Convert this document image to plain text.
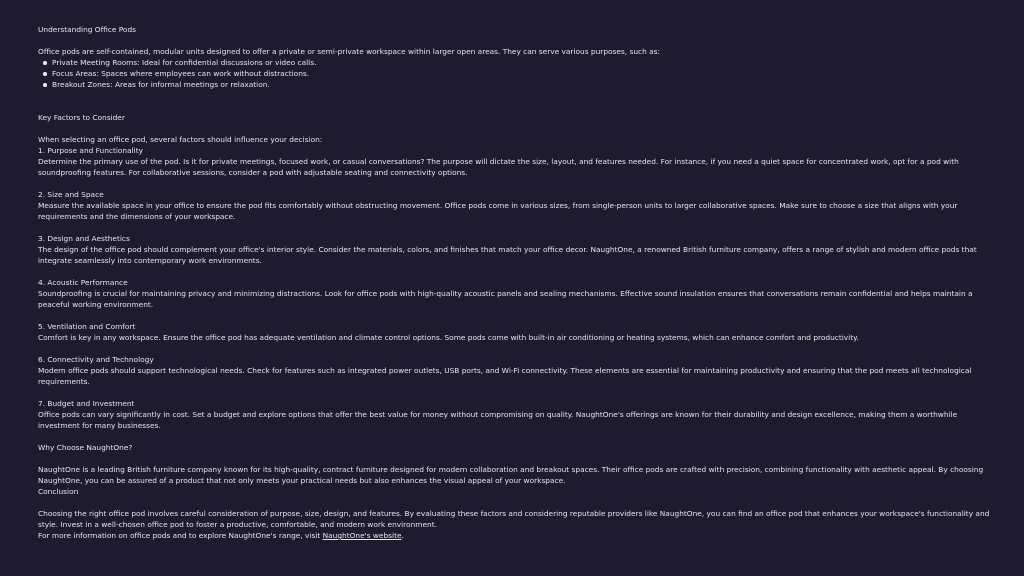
Understanding Office Pods

Office pods are self-contained, modular units designed to offer a private or semi-private workspace within larger open areas. They can serve various purposes, such as:

Private Meeting Rooms: Ideal for confidential discussions or video calls.
Focus Areas: Spaces where employees can work without distractions.
Breakout Zones: Areas for informal meetings or relaxation.

Key Factors to Consider

When selecting an office pod, several factors should influence your decision:

1. Purpose and Functionality

Determine the primary use of the pod. Is it for private meetings, focused work, or casual conversations? The purpose will dictate the size, layout, and features needed. For instance, if you need a quiet space for concentrated work, opt for a pod with soundproofing features. For collaborative sessions, consider a pod with adjustable seating and connectivity options.

2. Size and Space

Measure the available space in your office to ensure the pod fits comfortably without obstructing movement. Office pods come in various sizes, from single-person units to larger collaborative spaces. Make sure to choose a size that aligns with your requirements and the dimensions of your workspace.

3. Design and Aesthetics

The design of the office pod should complement your office's interior style. Consider the materials, colors, and finishes that match your office decor. NaughtOne, a renowned British furniture company, offers a range of stylish and modern office pods that integrate seamlessly into contemporary work environments.

4. Acoustic Performance

Soundproofing is crucial for maintaining privacy and minimizing distractions. Look for office pods with high-quality acoustic panels and sealing mechanisms. Effective sound insulation ensures that conversations remain confidential and helps maintain a peaceful working environment.

5. Ventilation and Comfort

Comfort is key in any workspace. Ensure the office pod has adequate ventilation and climate control options. Some pods come with built-in air conditioning or heating systems, which can enhance comfort and productivity.

6. Connectivity and Technology

Modern office pods should support technological needs. Check for features such as integrated power outlets, USB ports, and Wi-Fi connectivity. These elements are essential for maintaining productivity and ensuring that the pod meets all technological requirements.

7. Budget and Investment

Office pods can vary significantly in cost. Set a budget and explore options that offer the best value for money without compromising on quality. NaughtOne's offerings are known for their durability and design excellence, making them a worthwhile investment for many businesses.

Why Choose NaughtOne?

NaughtOne is a leading British furniture company known for its high-quality, contract furniture designed for modern collaboration and breakout spaces. Their office pods are crafted with precision, combining functionality with aesthetic appeal. By choosing NaughtOne, you can be assured of a product that not only meets your practical needs but also enhances the visual appeal of your workspace.

Conclusion

Choosing the right office pod involves careful consideration of purpose, size, design, and features. By evaluating these factors and considering reputable providers like NaughtOne, you can find an office pod that enhances your workspace's functionality and style. Invest in a well-chosen office pod to foster a productive, comfortable, and modern work environment.

For more information on office pods and to explore NaughtOne's range, visit NaughtOne's website.
